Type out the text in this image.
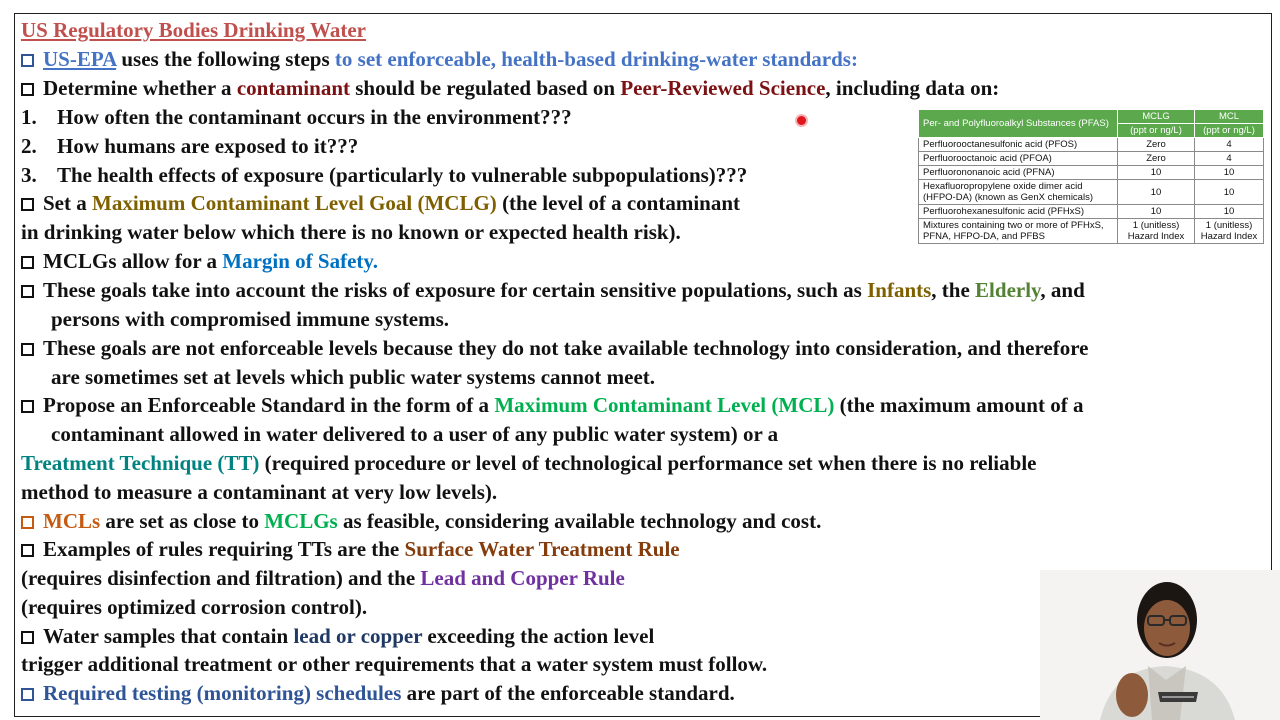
US Regulatory Bodies Drinking Water
US-EPA uses the following steps to set enforceable, health-based drinking-water standards:
Determine whether a contaminant should be regulated based on Peer-Reviewed Science, including data on:
1. How often the contaminant occurs in the environment???
2. How humans are exposed to it???
3. The health effects of exposure (particularly to vulnerable subpopulations)???
Set a Maximum Contaminant Level Goal (MCLG) (the level of a contaminant
in drinking water below which there is no known or expected health risk).
MCLGs allow for a Margin of Safety.
These goals take into account the risks of exposure for certain sensitive populations, such as Infants, the Elderly, and
persons with compromised immune systems.
These goals are not enforceable levels because they do not take available technology into consideration, and therefore
are sometimes set at levels which public water systems cannot meet.
Propose an Enforceable Standard in the form of a Maximum Contaminant Level (MCL) (the maximum amount of a
contaminant allowed in water delivered to a user of any public water system) or a
Treatment Technique (TT) (required procedure or level of technological performance set when there is no reliable
method to measure a contaminant at very low levels).
MCLs are set as close to MCLGs as feasible, considering available technology and cost.
Examples of rules requiring TTs are the Surface Water Treatment Rule
(requires disinfection and filtration) and the Lead and Copper Rule
(requires optimized corrosion control).
Water samples that contain lead or copper exceeding the action level
trigger additional treatment or other requirements that a water system must follow.
Required testing (monitoring) schedules are part of the enforceable standard.
Per- and Polyfluoroalkyl Substances (PFAS)	MCLG	MCL
	(ppt or ng/L)	(ppt or ng/L)
Perfluorooctanesulfonic acid (PFOS)	Zero	4
Perfluorooctanoic acid (PFOA)	Zero	4
Perfluorononanoic acid (PFNA)	10	10
Hexafluoropropylene oxide dimer acid (HFPO-DA) (known as GenX chemicals)	10	10
Perfluorohexanesulfonic acid (PFHxS)	10	10
Mixtures containing two or more of PFHxS, PFNA, HFPO-DA, and PFBS	1 (unitless) Hazard Index	1 (unitless) Hazard Index
